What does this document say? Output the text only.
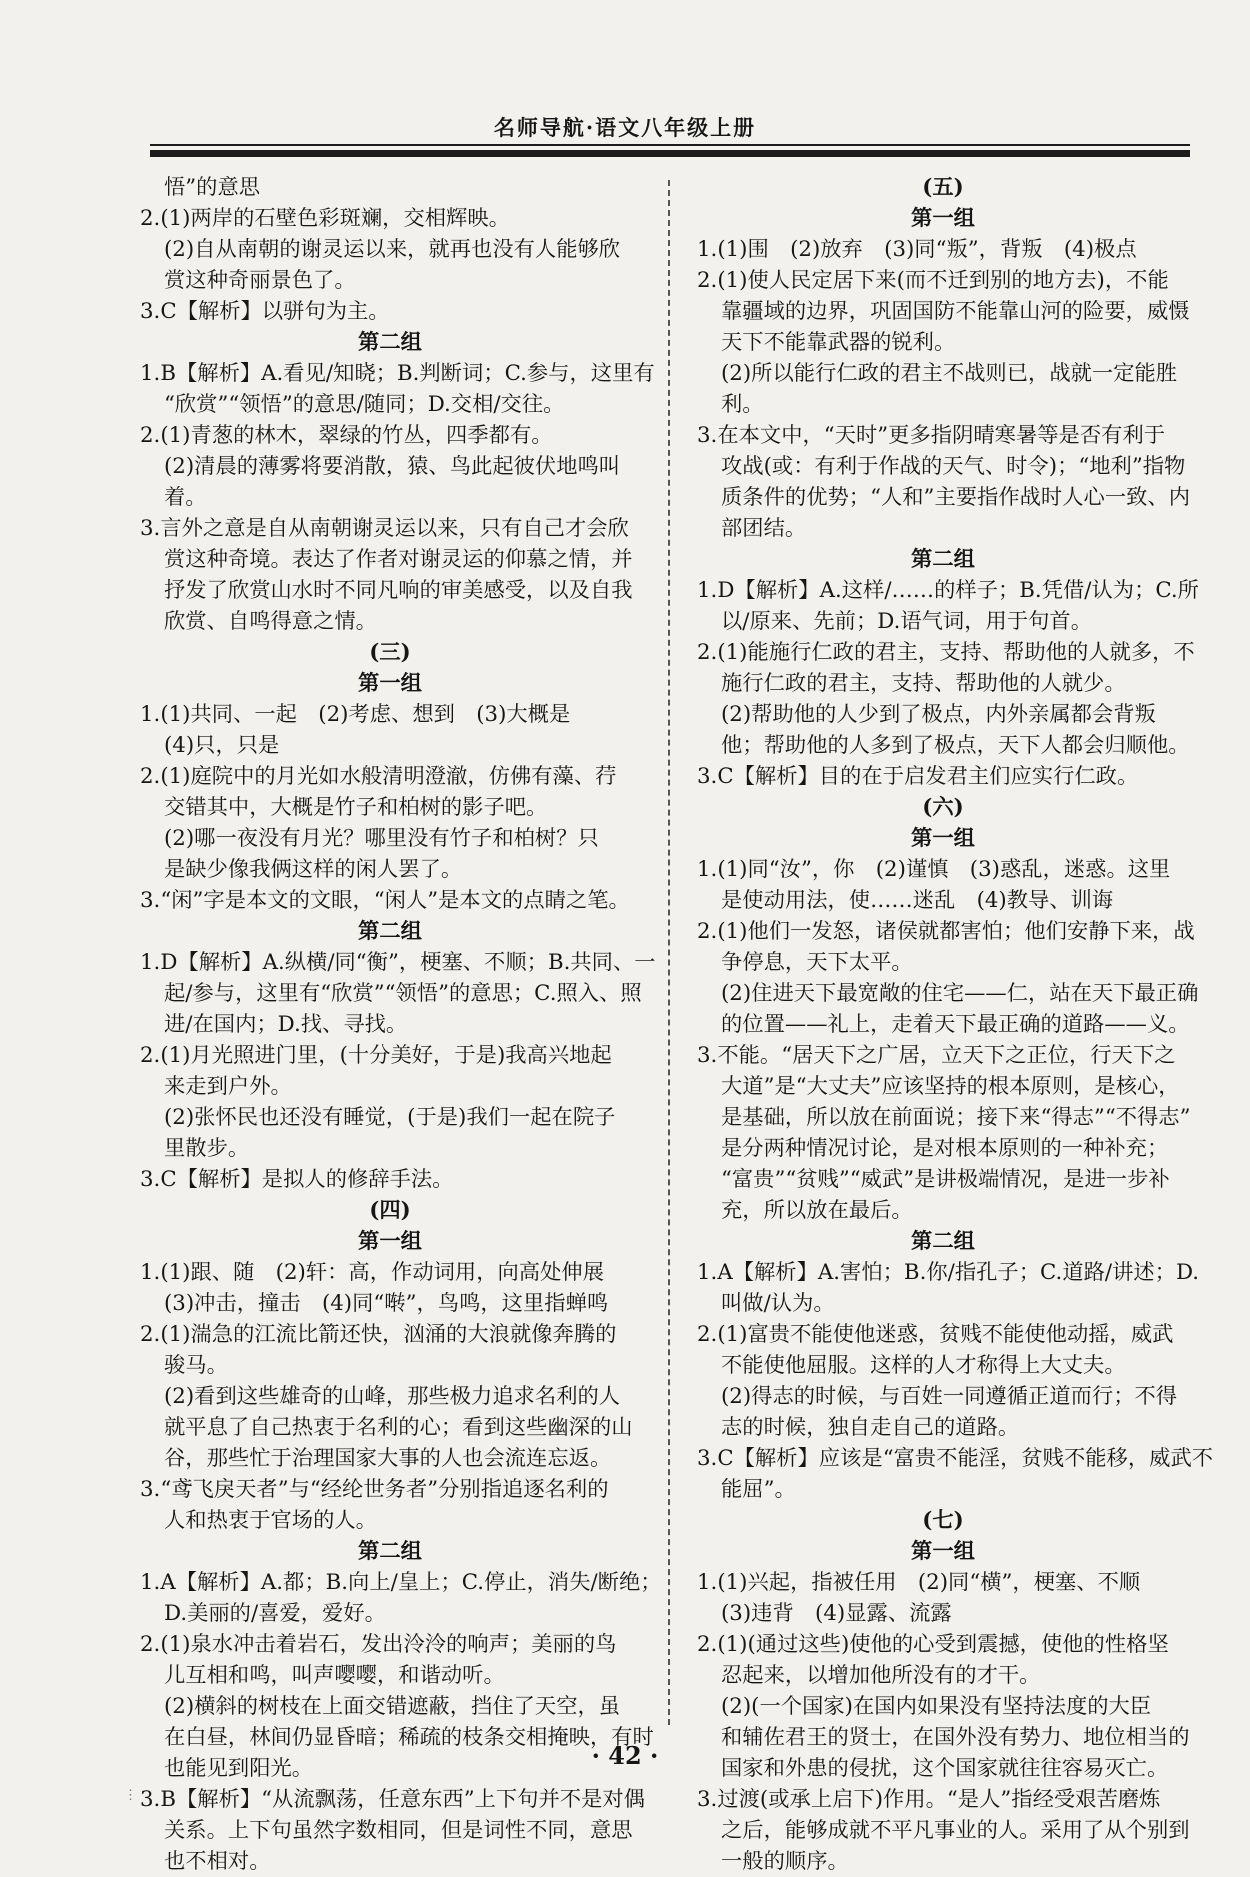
名师导航·语文八年级上册
悟”的意思
2.(1)两岸的石壁色彩斑斓，交相辉映。
(2)自从南朝的谢灵运以来，就再也没有人能够欣
赏这种奇丽景色了。
3.C【解析】以骈句为主。
第二组
1.B【解析】A.看见/知晓；B.判断词；C.参与，这里有
“欣赏”“领悟”的意思/随同；D.交相/交往。
2.(1)青葱的林木，翠绿的竹丛，四季都有。
(2)清晨的薄雾将要消散，猿、鸟此起彼伏地鸣叫
着。
3.言外之意是自从南朝谢灵运以来，只有自己才会欣
赏这种奇境。表达了作者对谢灵运的仰慕之情，并
抒发了欣赏山水时不同凡响的审美感受，以及自我
欣赏、自鸣得意之情。
(三)
第一组
1.(1)共同、一起　(2)考虑、想到　(3)大概是
(4)只，只是
2.(1)庭院中的月光如水般清明澄澈，仿佛有藻、荇
交错其中，大概是竹子和柏树的影子吧。
(2)哪一夜没有月光？哪里没有竹子和柏树？只
是缺少像我俩这样的闲人罢了。
3.“闲”字是本文的文眼，“闲人”是本文的点睛之笔。
第二组
1.D【解析】A.纵横/同“衡”，梗塞、不顺；B.共同、一
起/参与，这里有“欣赏”“领悟”的意思；C.照入、照
进/在国内；D.找、寻找。
2.(1)月光照进门里，(十分美好，于是)我高兴地起
来走到户外。
(2)张怀民也还没有睡觉，(于是)我们一起在院子
里散步。
3.C【解析】是拟人的修辞手法。
(四)
第一组
1.(1)跟、随　(2)轩：高，作动词用，向高处伸展
(3)冲击，撞击　(4)同“啭”，鸟鸣，这里指蝉鸣
2.(1)湍急的江流比箭还快，汹涌的大浪就像奔腾的
骏马。
(2)看到这些雄奇的山峰，那些极力追求名利的人
就平息了自己热衷于名利的心；看到这些幽深的山
谷，那些忙于治理国家大事的人也会流连忘返。
3.“鸢飞戾天者”与“经纶世务者”分别指追逐名利的
人和热衷于官场的人。
第二组
1.A【解析】A.都；B.向上/皇上；C.停止，消失/断绝；
D.美丽的/喜爱，爱好。
2.(1)泉水冲击着岩石，发出泠泠的响声；美丽的鸟
儿互相和鸣，叫声嘤嘤，和谐动听。
(2)横斜的树枝在上面交错遮蔽，挡住了天空，虽
在白昼，林间仍显昏暗；稀疏的枝条交相掩映，有时
也能见到阳光。
3.B【解析】“从流飘荡，任意东西”上下句并不是对偶
关系。上下句虽然字数相同，但是词性不同，意思
也不相对。
(五)
第一组
1.(1)围　(2)放弃　(3)同“叛”，背叛　(4)极点
2.(1)使人民定居下来(而不迁到别的地方去)，不能
靠疆域的边界，巩固国防不能靠山河的险要，威慑
天下不能靠武器的锐利。
(2)所以能行仁政的君主不战则已，战就一定能胜
利。
3.在本文中，“天时”更多指阴晴寒暑等是否有利于
攻战(或：有利于作战的天气、时令)；“地利”指物
质条件的优势；“人和”主要指作战时人心一致、内
部团结。
第二组
1.D【解析】A.这样/……的样子；B.凭借/认为；C.所
以/原来、先前；D.语气词，用于句首。
2.(1)能施行仁政的君主，支持、帮助他的人就多，不
施行仁政的君主，支持、帮助他的人就少。
(2)帮助他的人少到了极点，内外亲属都会背叛
他；帮助他的人多到了极点，天下人都会归顺他。
3.C【解析】目的在于启发君主们应实行仁政。
(六)
第一组
1.(1)同“汝”，你　(2)谨慎　(3)惑乱，迷惑。这里
是使动用法，使……迷乱　(4)教导、训诲
2.(1)他们一发怒，诸侯就都害怕；他们安静下来，战
争停息，天下太平。
(2)住进天下最宽敞的住宅——仁，站在天下最正确
的位置——礼上，走着天下最正确的道路——义。
3.不能。“居天下之广居，立天下之正位，行天下之
大道”是“大丈夫”应该坚持的根本原则，是核心，
是基础，所以放在前面说；接下来“得志”“不得志”
是分两种情况讨论，是对根本原则的一种补充；
“富贵”“贫贱”“威武”是讲极端情况，是进一步补
充，所以放在最后。
第二组
1.A【解析】A.害怕；B.你/指孔子；C.道路/讲述；D.
叫做/认为。
2.(1)富贵不能使他迷惑，贫贱不能使他动摇，威武
不能使他屈服。这样的人才称得上大丈夫。
(2)得志的时候，与百姓一同遵循正道而行；不得
志的时候，独自走自己的道路。
3.C【解析】应该是“富贵不能淫，贫贱不能移，威武不
能屈”。
(七)
第一组
1.(1)兴起，指被任用　(2)同“横”，梗塞、不顺
(3)违背　(4)显露、流露
2.(1)(通过这些)使他的心受到震撼，使他的性格坚
忍起来，以增加他所没有的才干。
(2)(一个国家)在国内如果没有坚持法度的大臣
和辅佐君王的贤士，在国外没有势力、地位相当的
国家和外患的侵扰，这个国家就往往容易灭亡。
3.过渡(或承上启下)作用。“是人”指经受艰苦磨炼
之后，能够成就不平凡事业的人。采用了从个别到
一般的顺序。
· 42 ·
⋮
